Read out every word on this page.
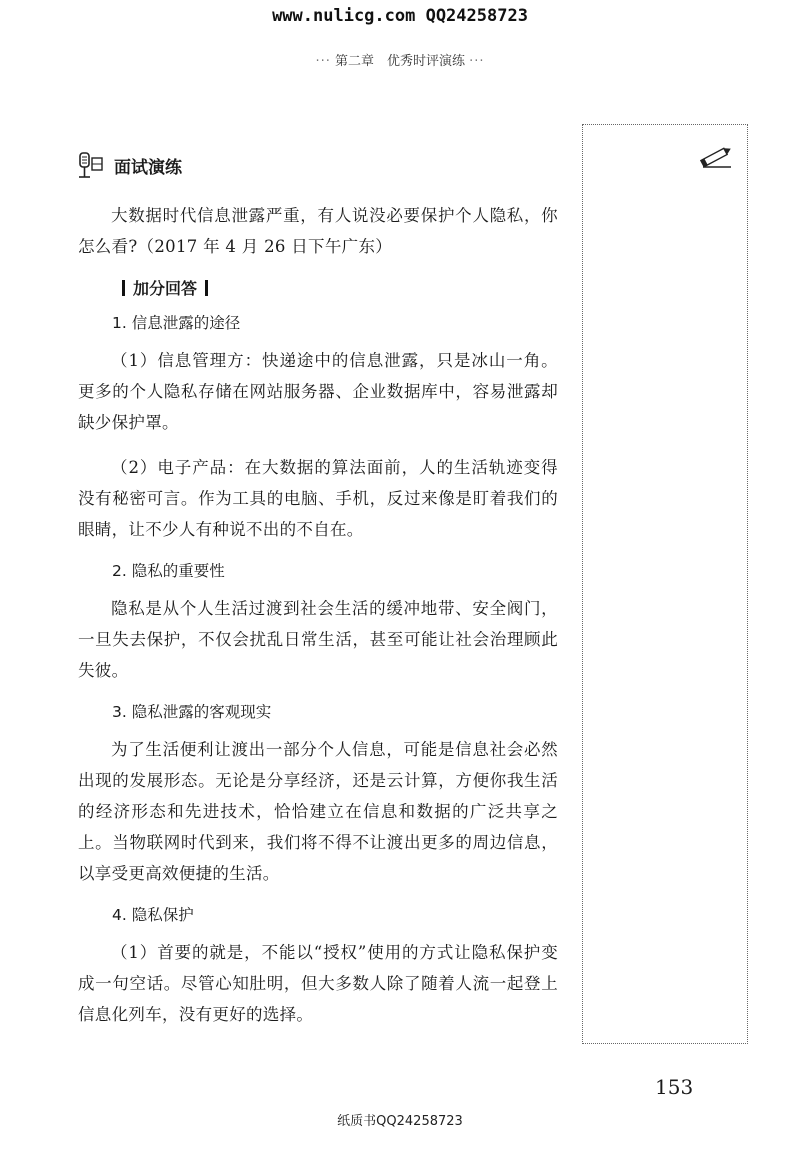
www.nulicg.com QQ24258723
··· 第二章　优秀时评演练 ···
面试演练

大数据时代信息泄露严重，有人说没必要保护个人隐私，你怎么看?（2017 年 4 月 26 日下午广东）

加分回答
1. 信息泄露的途径

（1）信息管理方：快递途中的信息泄露，只是冰山一角。更多的个人隐私存储在网站服务器、企业数据库中，容易泄露却缺少保护罩。

（2）电子产品：在大数据的算法面前，人的生活轨迹变得没有秘密可言。作为工具的电脑、手机，反过来像是盯着我们的眼睛，让不少人有种说不出的不自在。

2. 隐私的重要性

隐私是从个人生活过渡到社会生活的缓冲地带、安全阀门，一旦失去保护，不仅会扰乱日常生活，甚至可能让社会治理顾此失彼。

3. 隐私泄露的客观现实

为了生活便利让渡出一部分个人信息，可能是信息社会必然出现的发展形态。无论是分享经济，还是云计算，方便你我生活的经济形态和先进技术，恰恰建立在信息和数据的广泛共享之上。当物联网时代到来，我们将不得不让渡出更多的周边信息，以享受更高效便捷的生活。

4. 隐私保护

（1）首要的就是，不能以“授权”使用的方式让隐私保护变成一句空话。尽管心知肚明，但大多数人除了随着人流一起登上信息化列车，没有更好的选择。

153
纸质书QQ24258723
